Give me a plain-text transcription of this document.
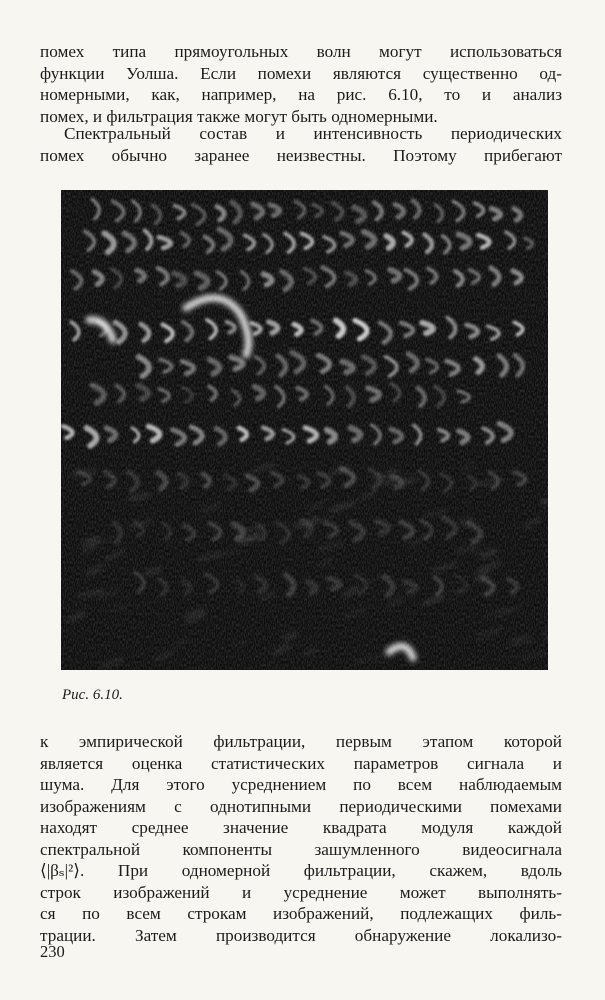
помех типа прямоугольных волн могут использоваться
функции Уолша. Если помехи являются существенно од-
номерными, как, например, на рис. 6.10, то и анализ
помех, и фильтрация также могут быть одномерными.

Спектральный состав и интенсивность периодических
помех обычно заранее неизвестны. Поэтому прибегают

Рис. 6.10.

к эмпирической фильтрации, первым этапом которой
является оценка статистических параметров сигнала и
шума. Для этого усреднением по всем наблюдаемым
изображениям с однотипными периодическими помехами
находят среднее значение квадрата модуля каждой
спектральной компоненты зашумленного видеосигнала
⟨|βₛ|²⟩. При одномерной фильтрации, скажем, вдоль
строк изображений и усреднение может выполнять-
ся по всем строкам изображений, подлежащих филь-
трации. Затем производится обнаружение локализо-

230
